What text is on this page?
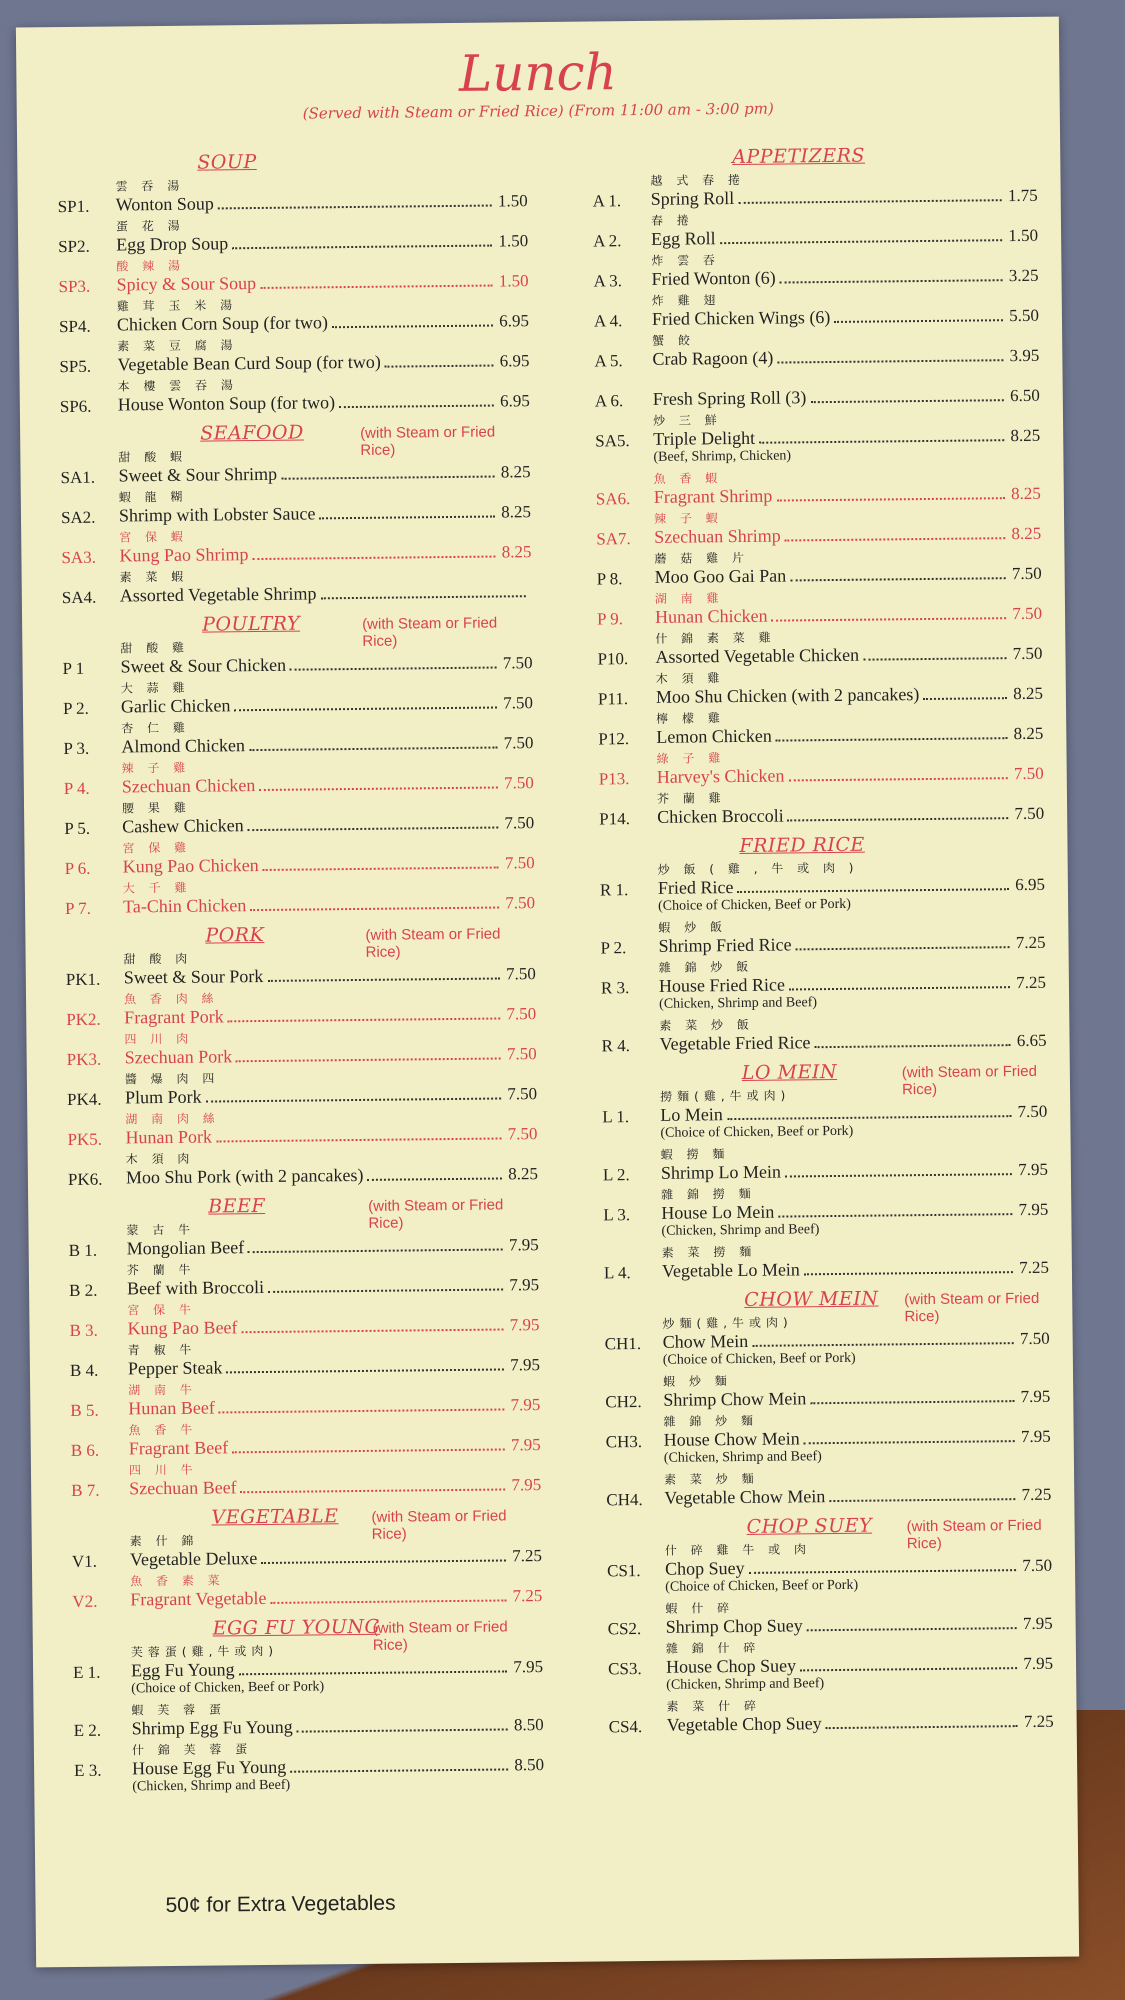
Lunch
(Served with Steam or Fried Rice) (From 11:00 am - 3:00 pm)
SOUP
SP1.
雲 吞 湯
Wonton Soup	1.50
SP2.
蛋 花 湯
Egg Drop Soup	1.50
SP3.
酸 辣 湯
Spicy & Sour Soup	1.50
SP4.
雞 茸 玉 米 湯
Chicken Corn Soup (for two)	6.95
SP5.
素 菜 豆 腐 湯
Vegetable Bean Curd Soup (for two)	6.95
SP6.
本 樓 雲 吞 湯
House Wonton Soup (for two)	6.95
SEAFOOD	(with Steam or Fried Rice)
SA1.
甜 酸 蝦
Sweet & Sour Shrimp	8.25
SA2.
蝦 龍 糊
Shrimp with Lobster Sauce	8.25
SA3.
宮 保 蝦
Kung Pao Shrimp	8.25
SA4.
素 菜 蝦
Assorted Vegetable Shrimp
POULTRY	(with Steam or Fried Rice)
P 1
甜 酸 雞
Sweet & Sour Chicken	7.50
P 2.
大 蒜 雞
Garlic Chicken	7.50
P 3.
杏 仁 雞
Almond Chicken	7.50
P 4.
辣 子 雞
Szechuan Chicken	7.50
P 5.
腰 果 雞
Cashew Chicken	7.50
P 6.
宮 保 雞
Kung Pao Chicken	7.50
P 7.
大 千 雞
Ta-Chin Chicken	7.50
PORK	(with Steam or Fried Rice)
PK1.
甜 酸 肉
Sweet & Sour Pork	7.50
PK2.
魚 香 肉 絲
Fragrant Pork	7.50
PK3.
四 川 肉
Szechuan Pork	7.50
PK4.
醬 爆 肉 四
Plum Pork	7.50
PK5.
湖 南 肉 絲
Hunan Pork	7.50
PK6.
木 須 肉
Moo Shu Pork (with 2 pancakes)	8.25
BEEF	(with Steam or Fried Rice)
B 1.
蒙 古 牛
Mongolian Beef	7.95
B 2.
芥 蘭 牛
Beef with Broccoli	7.95
B 3.
宮 保 牛
Kung Pao Beef	7.95
B 4.
青 椒 牛
Pepper Steak	7.95
B 5.
湖 南 牛
Hunan Beef	7.95
B 6.
魚 香 牛
Fragrant Beef	7.95
B 7.
四 川 牛
Szechuan Beef	7.95
VEGETABLE (with Steam or Fried Rice)
V1.
素 什 錦
Vegetable Deluxe	7.25
V2.
魚 香 素 菜
Fragrant Vegetable	7.25
EGG FU YOUNG
(with Steam or Fried Rice)
E 1.
芙蓉蛋(雞,牛或肉)
Egg Fu Young	7.95
(Choice of Chicken, Beef or Pork)
E 2.
蝦 芙 蓉 蛋
Shrimp Egg Fu Young	8.50
E 3.
什 錦 芙 蓉 蛋
House Egg Fu Young	8.50
(Chicken, Shrimp and Beef)
APPETIZERS
A 1.
越 式 春 捲
Spring Roll	1.75
A 2.
春 捲
Egg Roll	1.50
A 3.
炸 雲 吞
Fried Wonton (6)	3.25
A 4.
炸 雞 翅
Fried Chicken Wings (6)	5.50
A 5.
蟹 餃
Crab Ragoon (4)	3.95
A 6.	Fresh Spring Roll (3)	6.50
SA5.
炒 三 鮮
Triple Delight	8.25
(Beef, Shrimp, Chicken)
SA6.
魚 香 蝦
Fragrant Shrimp	8.25
SA7.
辣 子 蝦
Szechuan Shrimp	8.25
P 8.
蘑 菇 雞 片
Moo Goo Gai Pan	7.50
P 9.
湖 南 雞
Hunan Chicken	7.50
P10.
什 錦 素 菜 雞
Assorted Vegetable Chicken	7.50
P11.
木 須 雞
Moo Shu Chicken (with 2 pancakes)	8.25
P12.
檸 檬 雞
Lemon Chicken	8.25
P13.
綠 子 雞
Harvey's Chicken	7.50
P14.
芥 蘭 雞
Chicken Broccoli	7.50
FRIED RICE
R 1.
炒 飯 ( 雞 , 牛 或 肉 )
Fried Rice	6.95
(Choice of Chicken, Beef or Pork)
P 2.
蝦 炒 飯
Shrimp Fried Rice	7.25
R 3.
雜 錦 炒 飯
House Fried Rice	7.25
(Chicken, Shrimp and Beef)
R 4.
素 菜 炒 飯
Vegetable Fried Rice	6.65
LO MEIN	(with Steam or Fried Rice)
L 1.
撈麵(雞,牛或肉)
Lo Mein	7.50
(Choice of Chicken, Beef or Pork)
L 2.
蝦 撈 麵
Shrimp Lo Mein	7.95
L 3.
雜 錦 撈 麵
House Lo Mein	7.95
(Chicken, Shrimp and Beef)
L 4.
素 菜 撈 麵
Vegetable Lo Mein	7.25
CHOW MEIN (with Steam or Fried Rice)
CH1.
炒麵(雞,牛或肉)
Chow Mein	7.50
(Choice of Chicken, Beef or Pork)
CH2.
蝦 炒 麵
Shrimp Chow Mein	7.95
CH3.
雜 錦 炒 麵
House Chow Mein	7.95
(Chicken, Shrimp and Beef)
CH4.
素 菜 炒 麵
Vegetable Chow Mein	7.25
CHOP SUEY (with Steam or Fried Rice)
CS1.
什 碎 雞 牛 或 肉
Chop Suey	7.50
(Choice of Chicken, Beef or Pork)
CS2.
蝦 什 碎
Shrimp Chop Suey	7.95
CS3.
雜 錦 什 碎
House Chop Suey	7.95
(Chicken, Shrimp and Beef)
CS4.
素 菜 什 碎
Vegetable Chop Suey	7.25
50¢ for Extra Vegetables
